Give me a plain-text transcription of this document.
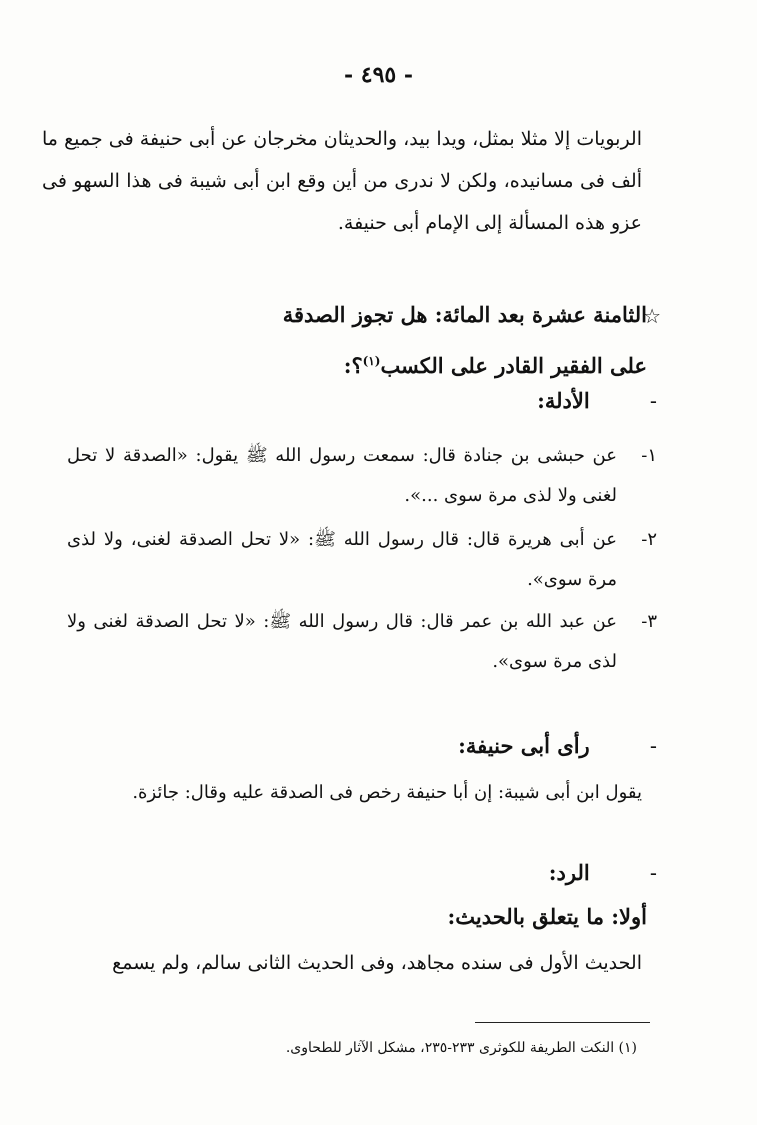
- ٤٩٥ -
الربويات إلا مثلا بمثل، ويدا بيد، والحديثان مخرجان عن أبى حنيفة فى جميع ما ألف فى مسانيده، ولكن لا ندرى من أين وقع ابن أبى شيبة فى هذا السهو فى عزو هذه المسألة إلى الإمام أبى حنيفة.
☆
الثامنة عشرة بعد المائة: هل تجوز الصدقة
على الفقير القادر على الكسب$^{(١)}$؟:
- الأدلة:
١-
عن حبشى بن جنادة قال: سمعت رسول الله ﷺ يقول: «الصدقة لا تحل لغنى ولا لذى مرة سوى ...».
٢-
عن أبى هريرة قال: قال رسول الله ﷺ: «لا تحل الصدقة لغنى، ولا لذى مرة سوى».
٣-
عن عبد الله بن عمر قال: قال رسول الله ﷺ: «لا تحل الصدقة لغنى ولا لذى مرة سوى».
- رأى أبى حنيفة:
يقول ابن أبى شيبة: إن أبا حنيفة رخص فى الصدقة عليه وقال: جائزة.
- الرد:
أولا: ما يتعلق بالحديث:
الحديث الأول فى سنده مجاهد، وفى الحديث الثانى سالم، ولم يسمع
(١) النكت الطريفة للكوثرى ٢٣٣-٢٣٥، مشكل الآثار للطحاوى.
